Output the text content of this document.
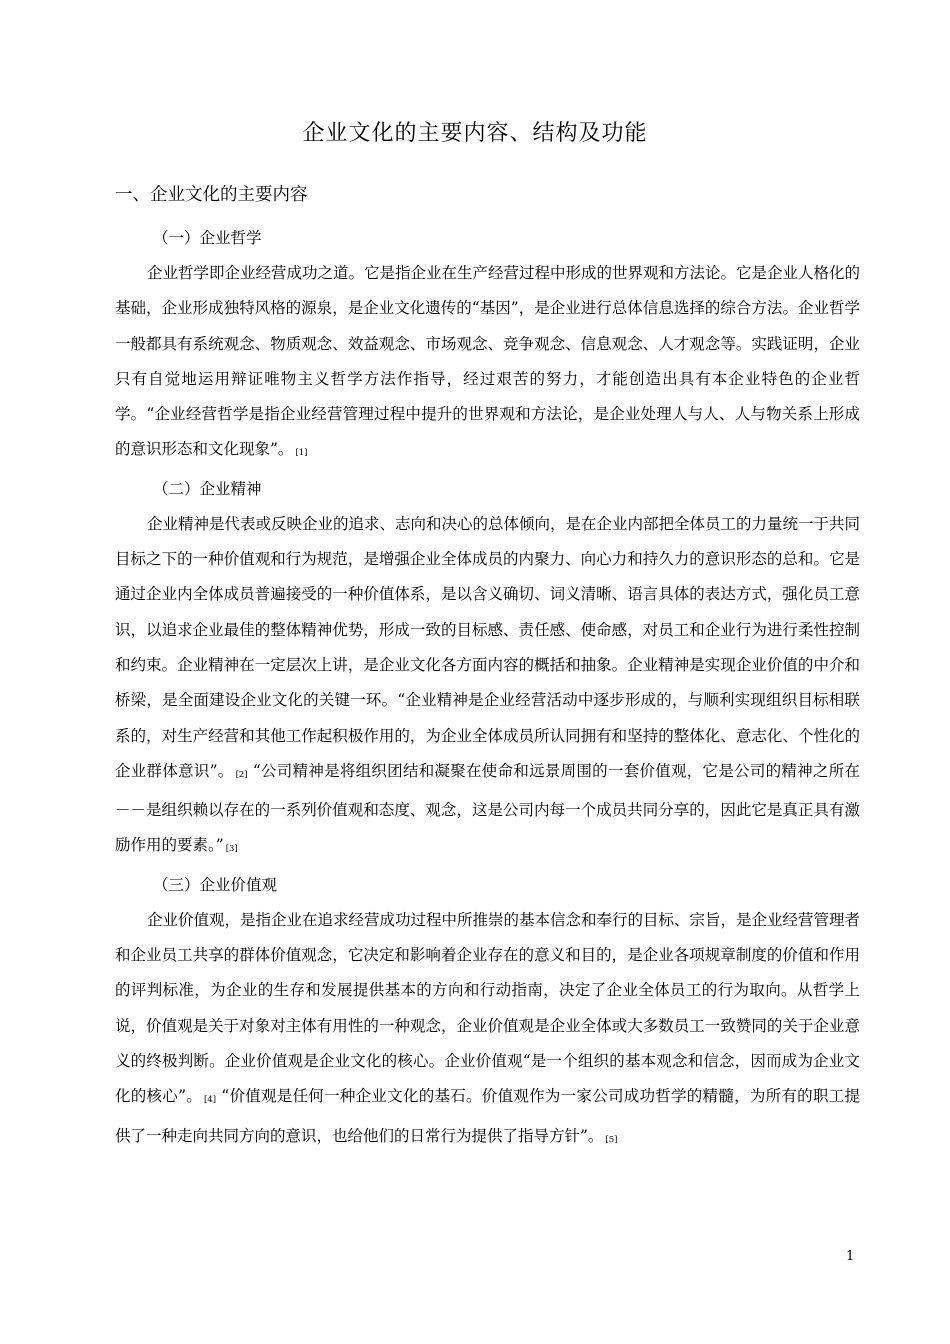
企业文化的主要内容、结构及功能
一、企业文化的主要内容
（一）企业哲学

企业哲学即企业经营成功之道。它是指企业在生产经营过程中形成的世界观和方法论。它是企业人格化的基础，企业形成独特风格的源泉，是企业文化遗传的“基因”，是企业进行总体信息选择的综合方法。企业哲学一般都具有系统观念、物质观念、效益观念、市场观念、竞争观念、信息观念、人才观念等。实践证明，企业只有自觉地运用辩证唯物主义哲学方法作指导，经过艰苦的努力，才能创造出具有本企业特色的企业哲学。“企业经营哲学是指企业经营管理过程中提升的世界观和方法论，是企业处理人与人、人与物关系上形成的意识形态和文化现象”。 [1]

（二）企业精神

企业精神是代表或反映企业的追求、志向和决心的总体倾向，是在企业内部把全体员工的力量统一于共同目标之下的一种价值观和行为规范，是增强企业全体成员的内聚力、向心力和持久力的意识形态的总和。它是通过企业内全体成员普遍接受的一种价值体系，是以含义确切、词义清晰、语言具体的表达方式，强化员工意识，以追求企业最佳的整体精神优势，形成一致的目标感、责任感、使命感，对员工和企业行为进行柔性控制和约束。企业精神在一定层次上讲，是企业文化各方面内容的概括和抽象。企业精神是实现企业价值的中介和桥梁，是全面建设企业文化的关键一环。“企业精神是企业经营活动中逐步形成的，与顺利实现组织目标相联系的，对生产经营和其他工作起积极作用的，为企业全体成员所认同拥有和坚持的整体化、意志化、个性化的企业群体意识”。 [2] “公司精神是将组织团结和凝聚在使命和远景周围的一套价值观，它是公司的精神之所在－－是组织赖以存在的一系列价值观和态度、观念，这是公司内每一个成员共同分享的，因此它是真正具有激励作用的要素。” [3]

（三）企业价值观

企业价值观，是指企业在追求经营成功过程中所推崇的基本信念和奉行的目标、宗旨，是企业经营管理者和企业员工共享的群体价值观念，它决定和影响着企业存在的意义和目的，是企业各项规章制度的价值和作用的评判标准，为企业的生存和发展提供基本的方向和行动指南，决定了企业全体员工的行为取向。从哲学上说，价值观是关于对象对主体有用性的一种观念，企业价值观是企业全体或大多数员工一致赞同的关于企业意义的终极判断。企业价值观是企业文化的核心。企业价值观“是一个组织的基本观念和信念，因而成为企业文化的核心”。 [4] “价值观是任何一种企业文化的基石。价值观作为一家公司成功哲学的精髓，为所有的职工提供了一种走向共同方向的意识，也给他们的日常行为提供了指导方针”。 [5]

1
